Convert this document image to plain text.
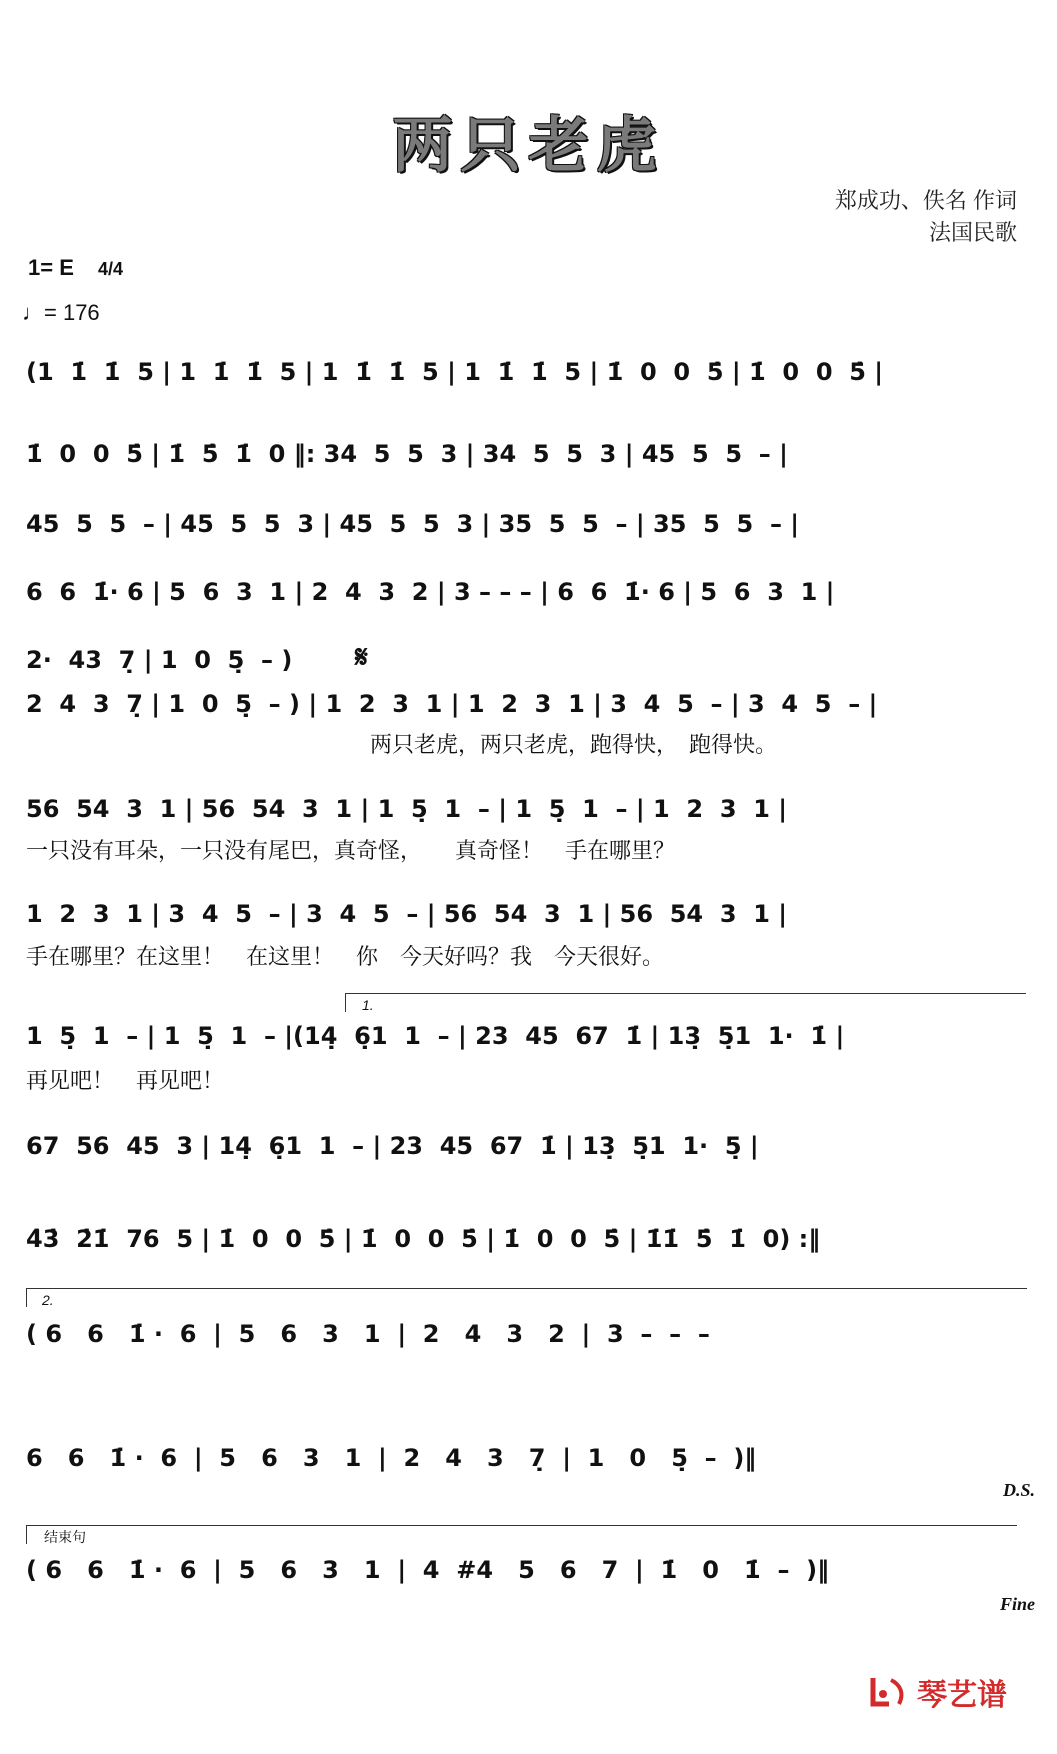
两只老虎
郑成功、佚名 作词
法国民歌
1= E 4/4
♩= 176
(1  1̇  1̇  5 | 1  1̇  1̇  5 | 1  1̇  1̇  5 | 1  1̇  1̇  5 | 1̇  0  0  5̇ | 1̇  0  0  5̇ |
1̇  0  0  5̇ | 1̇  5̇  1̇  0 ‖: 34  5  5  3 | 34  5  5  3 | 45  5  5  – |
45  5  5  – | 45  5  5  3 | 45  5  5  3 | 35  5  5  – | 35  5  5  – |
6  6  1̇· 6 | 5  6  3  1 | 2  4  3  2 | 3 – – – | 6  6  1̇· 6 | 5  6  3  1 |
2·  43  7̣ | 1  0  5̣  – )	𝄋
2  4  3  7̣ | 1  0  5̣  – ) | 1  2  3  1 | 1  2  3  1 | 3  4  5  – | 3  4  5  – |
两只老虎，两只老虎，跑得快，　跑得快。
56  54  3  1 | 56  54  3  1 | 1  5̣  1  – | 1  5̣  1  – | 1  2  3  1 |
一只没有耳朵，一只没有尾巴，真奇怪，　　真奇怪！　手在哪里？
1  2  3  1 | 3  4  5  – | 3  4  5  – | 56  54  3  1 | 56  54  3  1 |
手在哪里？在这里！　在这里！　你　今天好吗？我　今天很好。
1.
1  5̣  1  – | 1  5̣  1  – |(14̣  6̣1  1  – | 23  45  67  1̇ | 13̣  5̣1  1·  1̇ |
再见吧！　再见吧！
67  56  45  3 | 14̣  6̣1  1  – | 23  45  67  1̇ | 13̣  5̣1  1·  5̣ |
4̇3̇  2̇1̇  76  5 | 1̇  0  0  5̇ | 1̇  0  0  5̇ | 1̇  0  0  5̇ | 1̇1̇  5̇  1̇  0) :‖
2.
( 6   6   1̇ ·  6  |  5   6   3   1  |  2   4   3   2  |  3  –  –  –
6   6   1̇ ·  6  |  5   6   3   1  |  2   4   3   7̣  |  1   0   5̣  –  )‖
D.S.
结束句
( 6   6   1̇ ·  6  |  5   6   3   1  |  4  #4   5   6   7  |  1̇   0   1̇  –  )‖
Fine
琴艺谱
